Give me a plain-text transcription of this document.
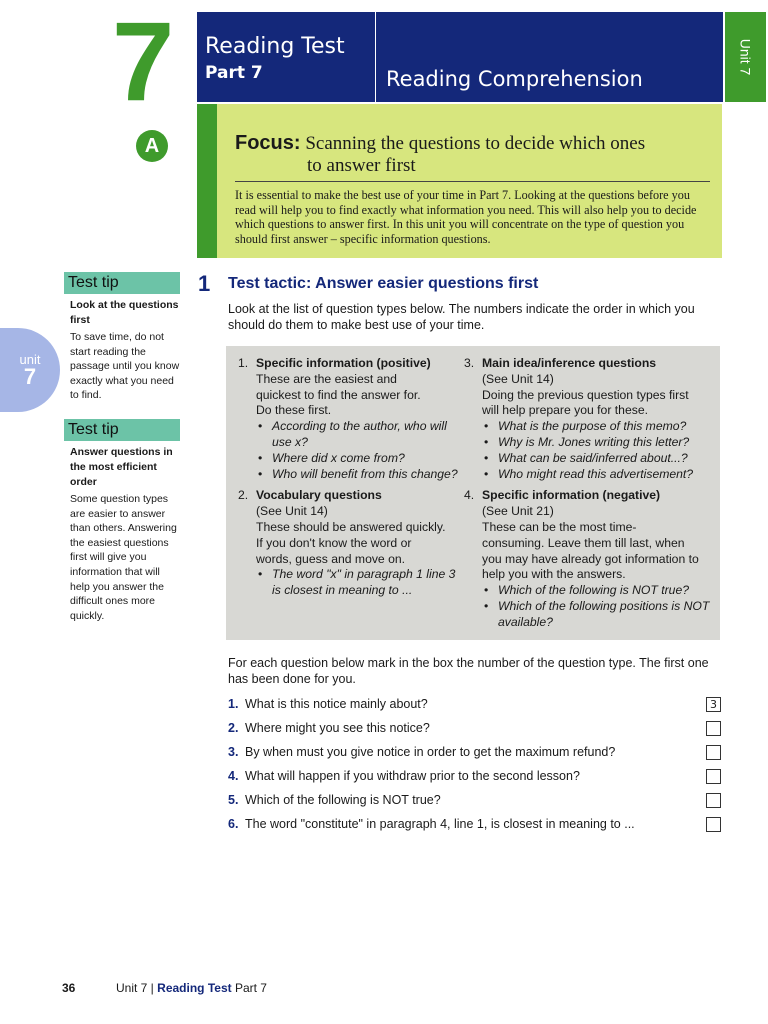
7
A
Reading Test
Part 7	Reading Comprehension
Unit 7
Focus: Scanning the questions to decide which ones
to answer first
It is essential to make the best use of your time in Part 7. Looking at the questions before you read will help you to find exactly what information you need. This will also help you to decide which questions to answer first. In this unit you will concentrate on the type of question you should first answer – specific information questions.
unit
7
Test tip
Look at the questions first
To save time, do not start reading the passage until you know exactly what you need to find.
Test tip
Answer questions in the most efficient order
Some question types are easier to answer than others. Answering the easiest questions first will give you information that will help you answer the difficult ones more quickly.
1 Test tactic: Answer easier questions first
Look at the list of question types below. The numbers indicate the order in which you should do them to make best use of your time.
1. Specific information (positive)
These are the easiest and
quickest to find the answer for.
Do these first.
• According to the author, who will use x?
• Where did x come from?
• Who will benefit from this change?
2. Vocabulary questions
(See Unit 14)
These should be answered quickly.
If you don't know the word or
words, guess and move on.
• The word "x" in paragraph 1 line 3 is closest in meaning to ...
3. Main idea/inference questions
(See Unit 14)
Doing the previous question types first
will help prepare you for these.
• What is the purpose of this memo?
• Why is Mr. Jones writing this letter?
• What can be said/inferred about...?
• Who might read this advertisement?
4. Specific information (negative)
(See Unit 21)
These can be the most time-
consuming. Leave them till last, when
you may have already got information to
help you with the answers.
• Which of the following is NOT true?
• Which of the following positions is NOT available?
For each question below mark in the box the number of the question type. The first one has been done for you.
1. What is this notice mainly about?	3
2. Where might you see this notice?
3. By when must you give notice in order to get the maximum refund?
4. What will happen if you withdraw prior to the second lesson?
5. Which of the following is NOT true?
6. The word "constitute" in paragraph 4, line 1, is closest in meaning to ...
36	Unit 7 | Reading Test Part 7
